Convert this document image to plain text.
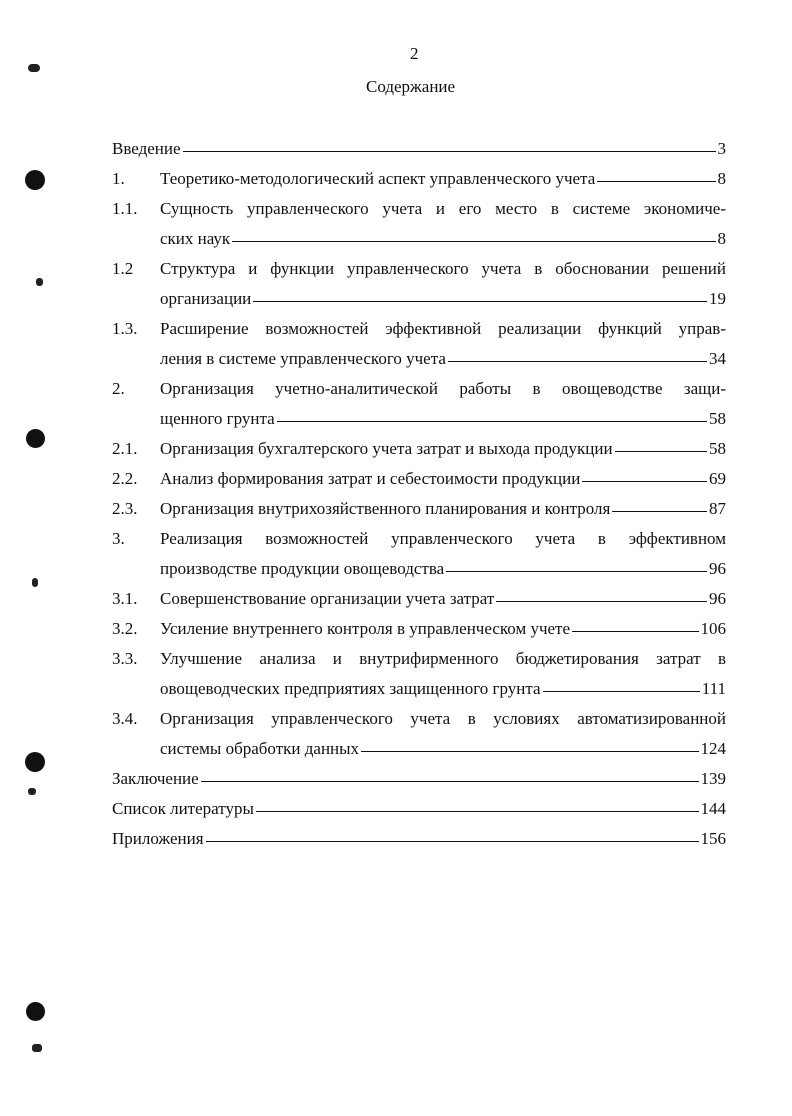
2
Содержание
Введение	3
1.	Теоретико-методологический аспект управленческого учета	8
1.1.	Сущность управленческого учета и его место в системе экономиче-
ских наук	8
1.2	Структура и функции управленческого учета в обосновании решений
организации	19
1.3.	Расширение возможностей эффективной реализации функций управ-
ления в системе управленческого учета	34
2.	Организация учетно-аналитической работы в овощеводстве защи-
щенного грунта	58
2.1.	Организация бухгалтерского учета затрат и выхода продукции	58
2.2.	Анализ формирования затрат и себестоимости продукции	69
2.3.	Организация внутрихозяйственного планирования и контроля	87
3.	Реализация возможностей управленческого учета в эффективном
производстве продукции овощеводства	96
3.1.	Совершенствование организации учета затрат	96
3.2.	Усиление внутреннего контроля в управленческом учете	106
3.3.	Улучшение анализа и внутрифирменного бюджетирования затрат в
овощеводческих предприятиях защищенного грунта	111
3.4.	Организация управленческого учета в условиях автоматизированной
системы обработки данных	124
Заключение	139
Список литературы	144
Приложения	156
